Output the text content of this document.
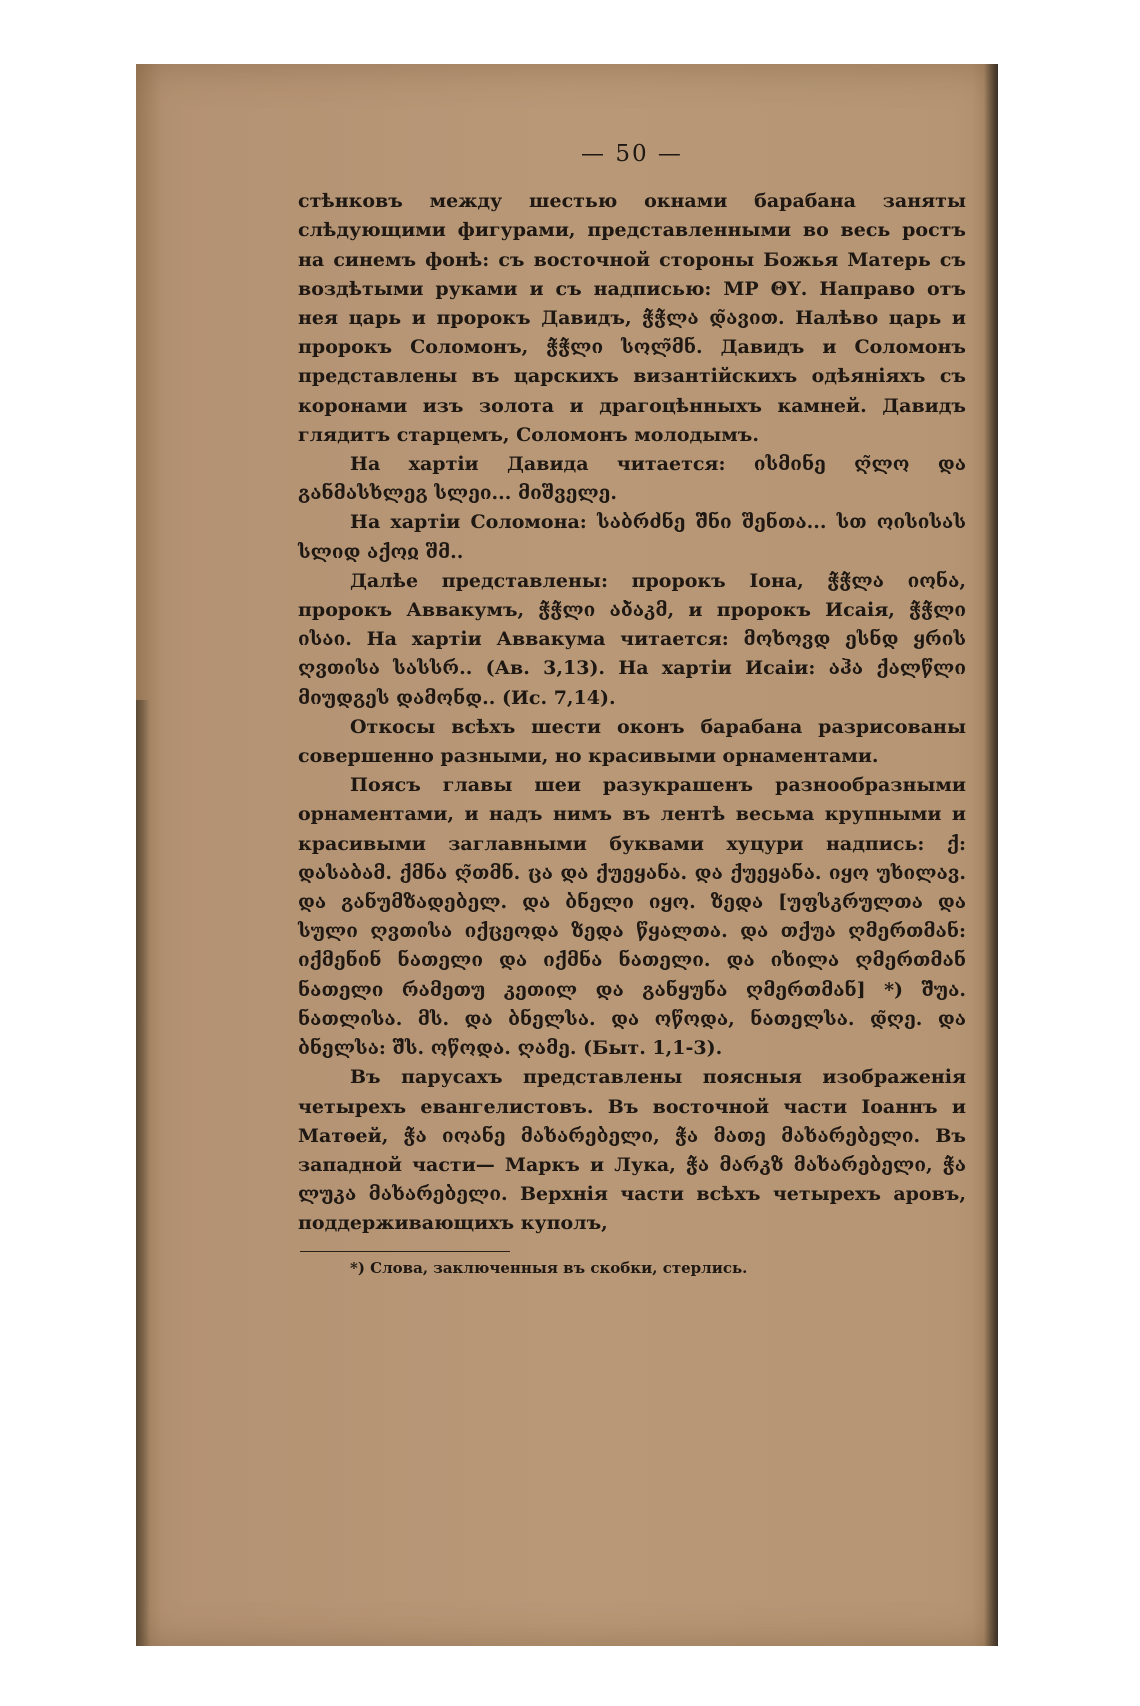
— 50 —

стѣнковъ между шестью окнами барабана заняты слѣдующими фигурами, представленными во весь ростъ на синемъ фонѣ: съ восточной стороны Божья Матерь съ воздѣтыми руками и съ надписью: МР ΘΥ. Направо отъ нея царь и пророкъ Давидъ, ჭ̃ჭ̃ლა დ̃ავით. Налѣво царь и пророкъ Соломонъ, ჭ̃ჭ̃ლი სოლ̃მნ. Давидъ и Соломонъ представлены въ царскихъ византiйскихъ одѣянiяхъ съ коронами изъ золота и драгоцѣнныхъ камней. Давидъ глядитъ старцемъ, Соломонъ молодымъ.

На хартiи Давида читается: ისმინე ღ̃ლო და განმასხლეგ სლეი... მიშველე.

На хартiи Соломона: საბრძნე შ̃ნი შენთა... სთ ოისისას სლიდ აქოჲ შმ..

Далѣе представлены: пророкъ Iона, ჭ̃ჭ̃ლა იონა, пророкъ Аввакумъ, ჭ̃ჭ̃ლი აბ̃აკმ, и пророкъ Исаiя, ჭ̃ჭ̃ლი ისაი. На хартiи Аввакума читается: მოხოვდ ესნდ ყრის ღვთისა სასსრ.. (Ав. 3,13). На хартiи Исаiи: აჰა ქალწლი მიუდგეს დამონდ.. (Ис. 7,14).

Откосы всѣхъ шести оконъ барабана разрисованы совершенно разными, но красивыми орнаментами.

Поясъ главы шеи разукрашенъ разнообразными орнаментами, и надъ нимъ въ лентѣ весьма крупными и красивыми заглавными буквами хуцури надпись: ქ: დასაბამ. ქმნა ღ̃თმნ. ცა და ქუეყანა. და ქუეყანა. იყო უხილავ. და განუმზადებელ. და ბნელი იყო. ზედა [უფსკრულთა და სული ღვთისა იქცეოდა ზედა წყალთა. და თქუა ღმერთმან: იქმენინ ნათელი და იქმნა ნათელი. და იხილა ღმერთმან ნათელი რამეთუ კეთილ და განყუნა ღმერთმან] *) შ̃უა. ნათლისა. მს. და ბნელსა. და ოწოდა, ნათელსა. დ̃ღე. და ბნელსა: შ̃ს. ოწოდა. ღამე. (Быт. 1,1-3).

Въ парусахъ представлены поясныя изображенiя четырехъ евангелистовъ. Въ восточной части Iоаннъ и Матѳей, ჭ̃ა იოანე მახარებელი, ჭ̃ა მათე მახარებელი. Въ западной части— Маркъ и Лука, ჭ̃ა მარკზ მახარებელი, ჭ̃ა ლუკა მახარებელი. Верхнiя части всѣхъ четырехъ аровъ, поддерживающихъ куполъ,

*) Слова, заключенныя въ скобки, стерлись.
